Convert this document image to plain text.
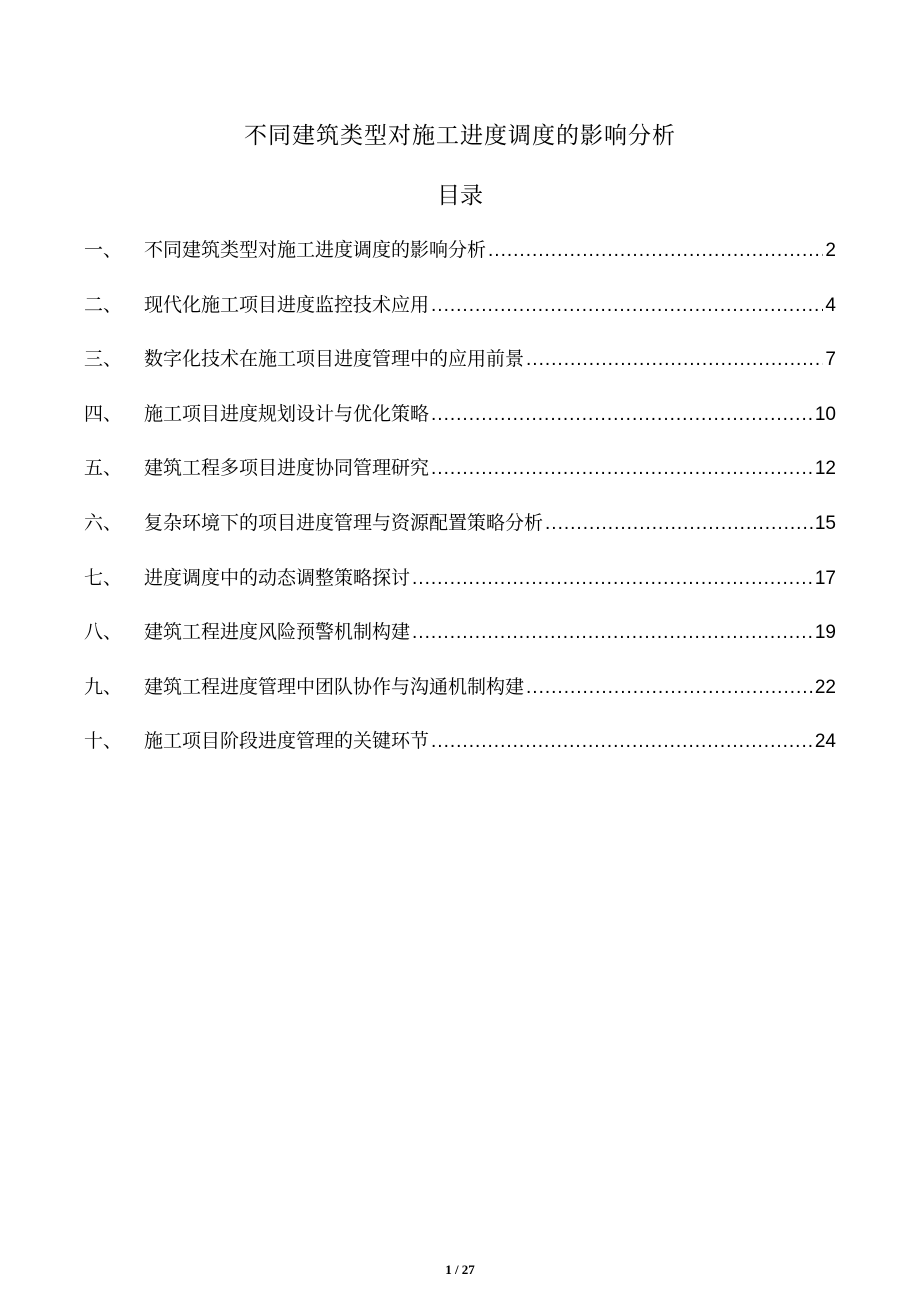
不同建筑类型对施工进度调度的影响分析
目录
一、	不同建筑类型对施工进度调度的影响分析 .....	2
二、	现代化施工项目进度监控技术应用 .....	4
三、	数字化技术在施工项目进度管理中的应用前景 .....	7
四、	施工项目进度规划设计与优化策略 .....	10
五、	建筑工程多项目进度协同管理研究 .....	12
六、	复杂环境下的项目进度管理与资源配置策略分析 .....	15
七、	进度调度中的动态调整策略探讨 .....	17
八、	建筑工程进度风险预警机制构建 .....	19
九、	建筑工程进度管理中团队协作与沟通机制构建 .....	22
十、	施工项目阶段进度管理的关键环节 .....	24
1 / 27
